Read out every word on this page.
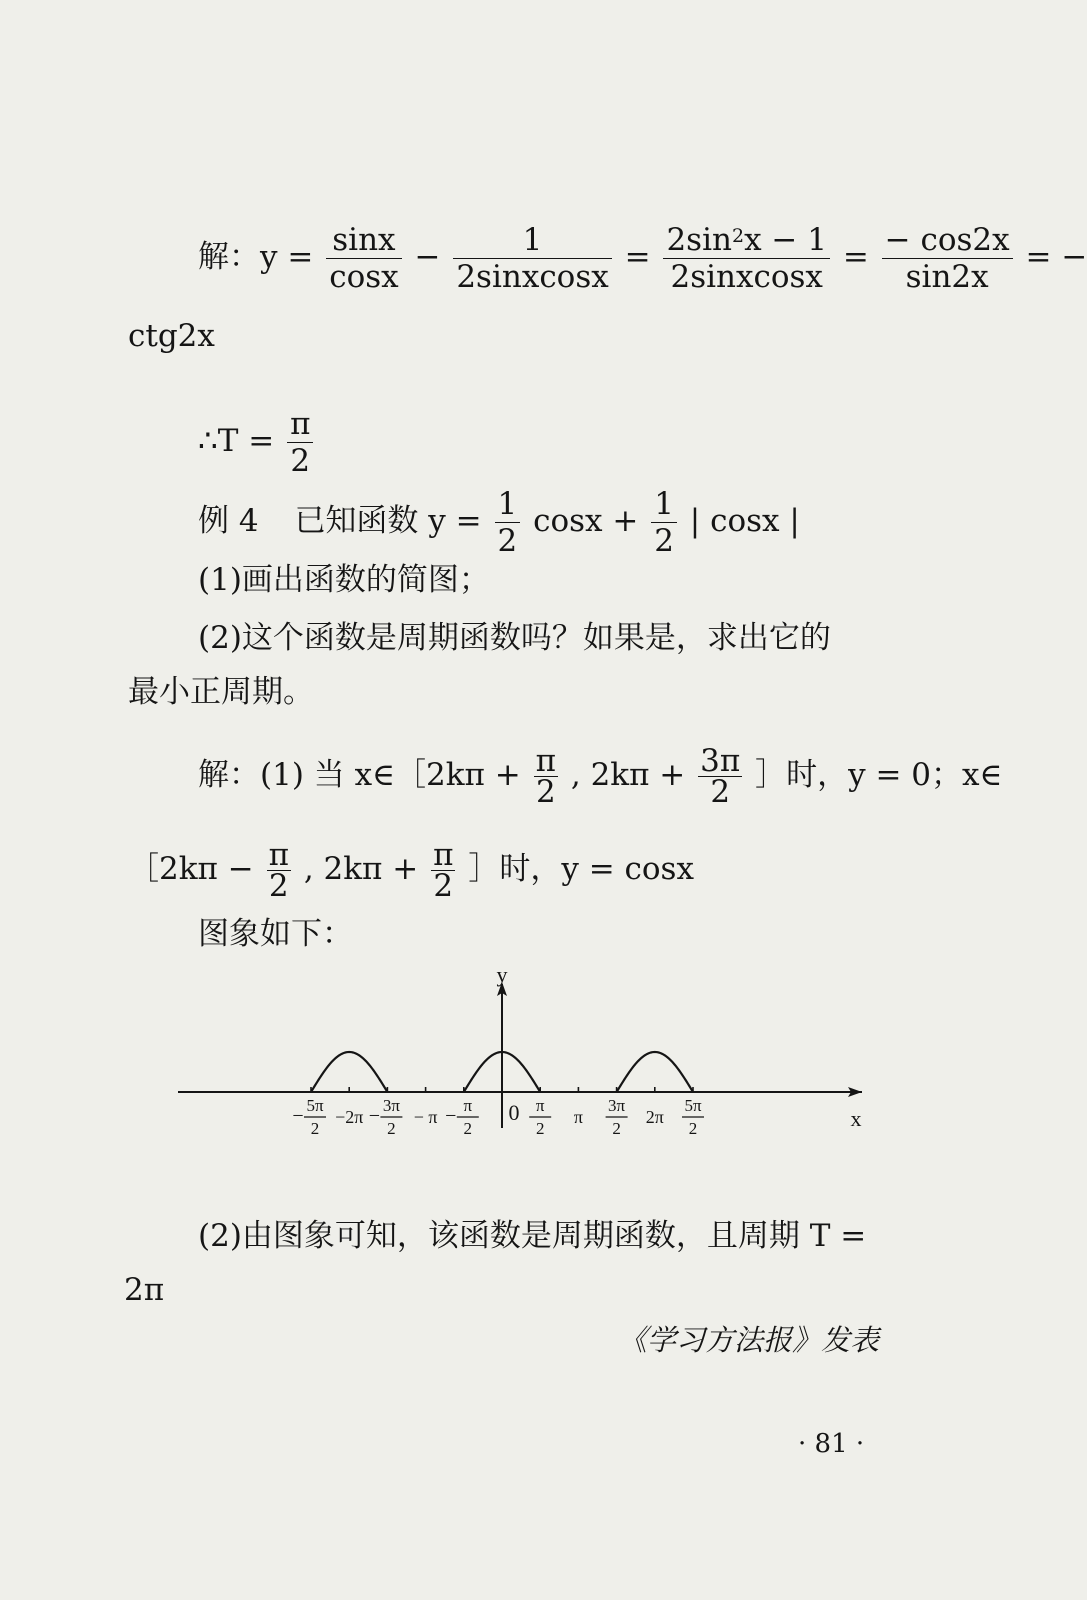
解：$y = \frac{\sin x}{\cos x} - \frac{1}{\text{2sinxcosx}} = \frac{2\sin^2x - 1}{\text{2sinxcosx}} = \frac{- \cos 2x}{\sin 2x}$ = −
ctg2x
∴T = $\frac{\pi}{2}$
例 4 已知函数 $y = \frac{1}{2}$ $\cos x + \frac{1}{2}$ | cosx |
(1)画出函数的简图；
(2)这个函数是周期函数吗？如果是，求出它的
最小正周期。
解：(1) 当 x∈［2kπ + $\frac{\pi}{2}$ , $2k\pi + \frac{3\pi}{2}$ ］时，y = 0；x∈
［2kπ − $\frac{\pi}{2}$ , $2k\pi + \frac{\pi}{2}$ ］时，y = cosx
图象如下：
y
x
0
− 5π
2
−2π − 3π
2
− π − π
2
π
2
π
3π
2
2π
5π
2
(2)由图象可知，该函数是周期函数，且周期 T =
2π
《学习方法报》发表
· 81 ·
